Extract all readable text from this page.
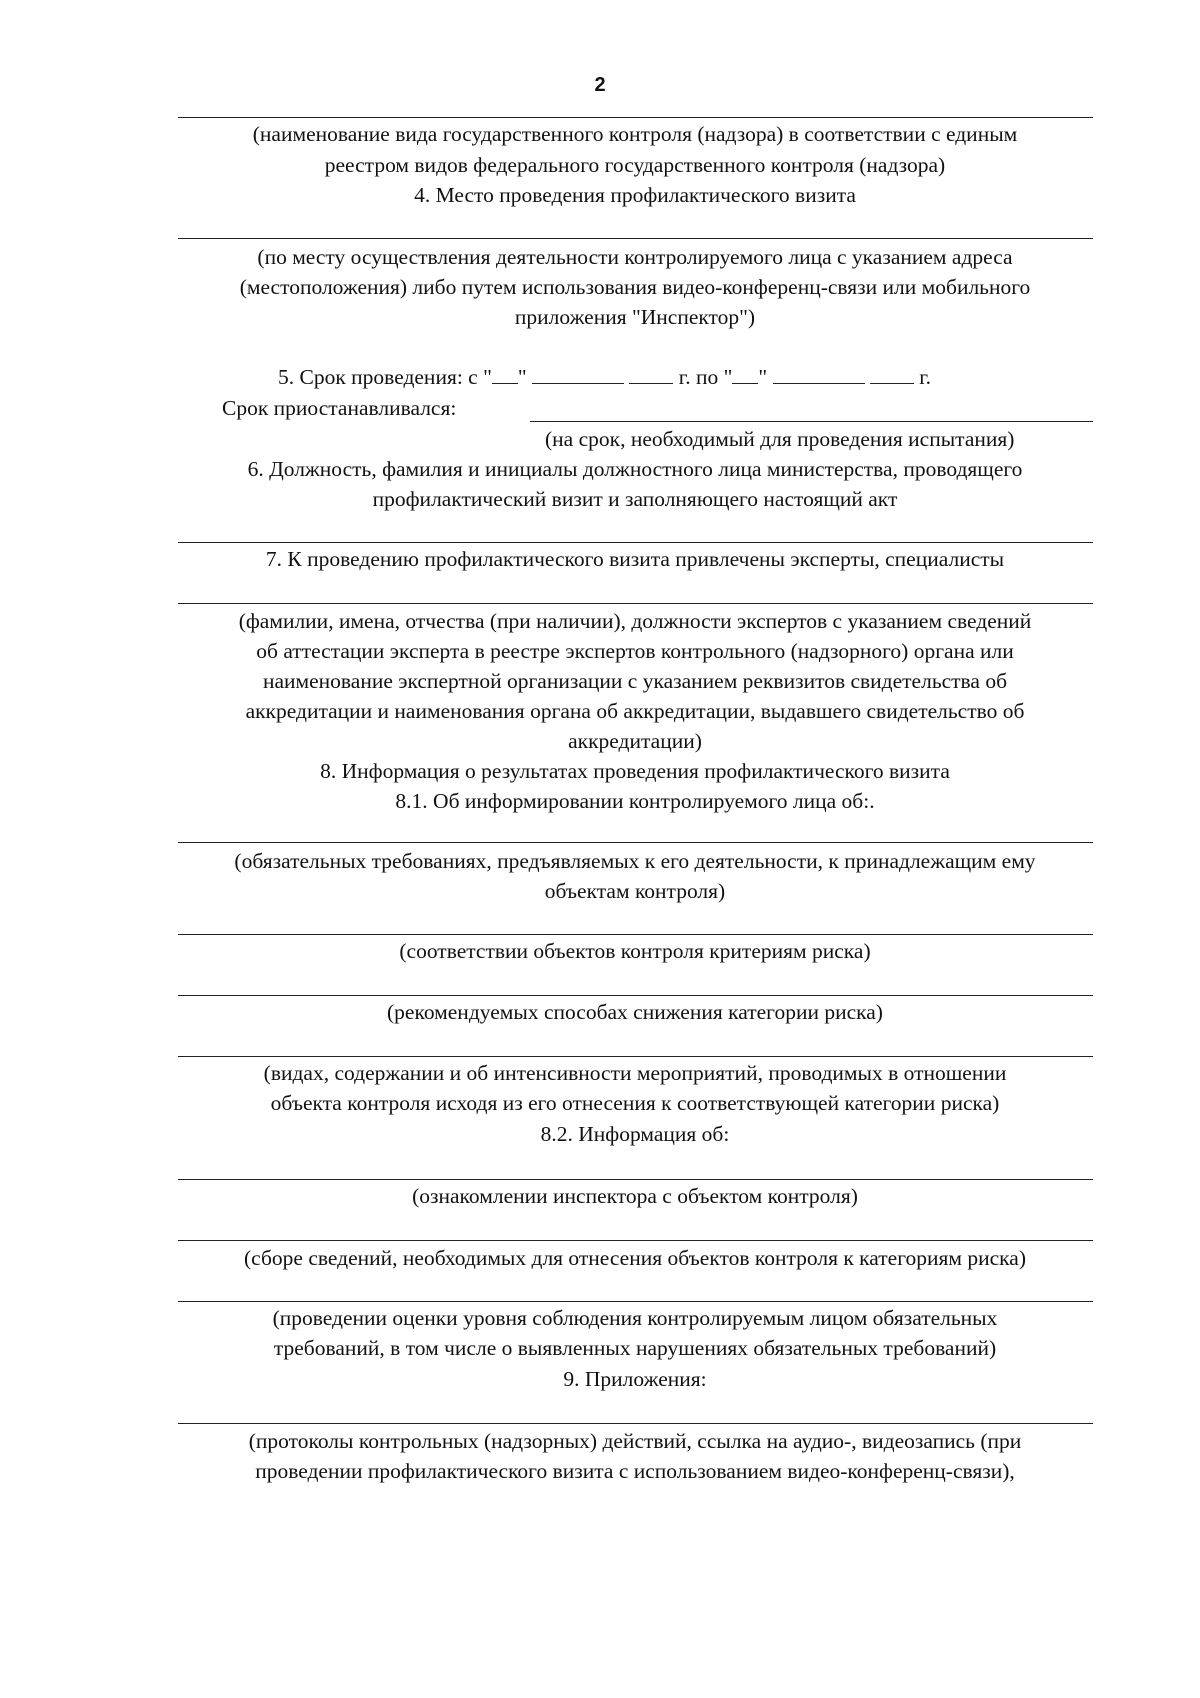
2
(наименование вида государственного контроля (надзора) в соответствии с единым
реестром видов федерального государственного контроля (надзора)
4. Место проведения профилактического визита
(по месту осуществления деятельности контролируемого лица с указанием адреса
(местоположения) либо путем использования видео-конференц-связи или мобильного
приложения "Инспектор")
5. Срок проведения: с " "	г. по " "	г.
Срок приостанавливался:
(на срок, необходимый для проведения испытания)
6. Должность, фамилия и инициалы должностного лица министерства, проводящего
профилактический визит и заполняющего настоящий акт
7. К проведению профилактического визита привлечены эксперты, специалисты
(фамилии, имена, отчества (при наличии), должности экспертов с указанием сведений
об аттестации эксперта в реестре экспертов контрольного (надзорного) органа или
наименование экспертной организации с указанием реквизитов свидетельства об
аккредитации и наименования органа об аккредитации, выдавшего свидетельство об
аккредитации)
8. Информация о результатах проведения профилактического визита
8.1. Об информировании контролируемого лица об:.
(обязательных требованиях, предъявляемых к его деятельности, к принадлежащим ему
объектам контроля)
(соответствии объектов контроля критериям риска)
(рекомендуемых способах снижения категории риска)
(видах, содержании и об интенсивности мероприятий, проводимых в отношении
объекта контроля исходя из его отнесения к соответствующей категории риска)
8.2. Информация об:
(ознакомлении инспектора с объектом контроля)
(сборе сведений, необходимых для отнесения объектов контроля к категориям риска)
(проведении оценки уровня соблюдения контролируемым лицом обязательных
требований, в том числе о выявленных нарушениях обязательных требований)
9. Приложения:
(протоколы контрольных (надзорных) действий, ссылка на аудио-, видеозапись (при
проведении профилактического визита с использованием видео-конференц-связи),
